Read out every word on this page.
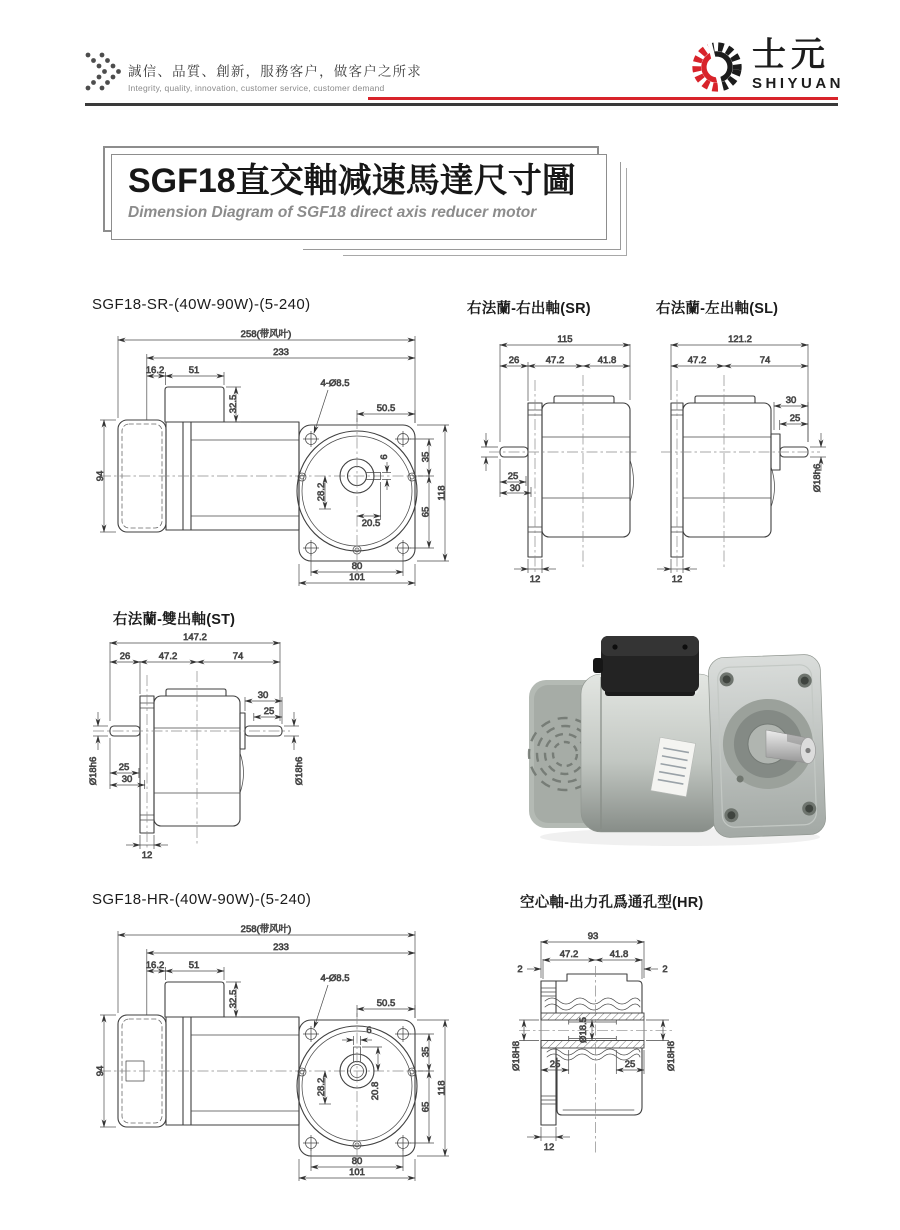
誠信、品質、創新，服務客户，做客户之所求
Integrity, quality, innovation, customer service, customer demand
士元
SHIYUAN
SGF18直交軸减速馬達尺寸圖
Dimension Diagram of SGF18 direct axis reducer motor
SGF18-SR-(40W-90W)-(5-240)	右法蘭-右出軸(SR)	右法蘭-左出軸(SL)
右法蘭-雙出軸(ST)
SGF18-HR-(40W-90W)-(5-240)	空心軸-出力孔爲通孔型(HR)
258(带风叶)
233
16.2	51
32.5
94
4-Ø8.5
50.5
35
65
118
28.2
20.5
6
80
101
115
26	47.2	41.8
25
30
12
121.2
47.2	74
30
25
Ø18h6
12
147.2
26	47.2	74
30
25
Ø18h6	Ø18h6
25
30
12
258(带风叶)
233
16.2	51
32.5
94
4-Ø8.5
50.5
35
65
118
28.2	20.8
6
80
101
93
47.2	41.8
2	2
Ø18.5
Ø18H8	Ø18H8
25	25
12
